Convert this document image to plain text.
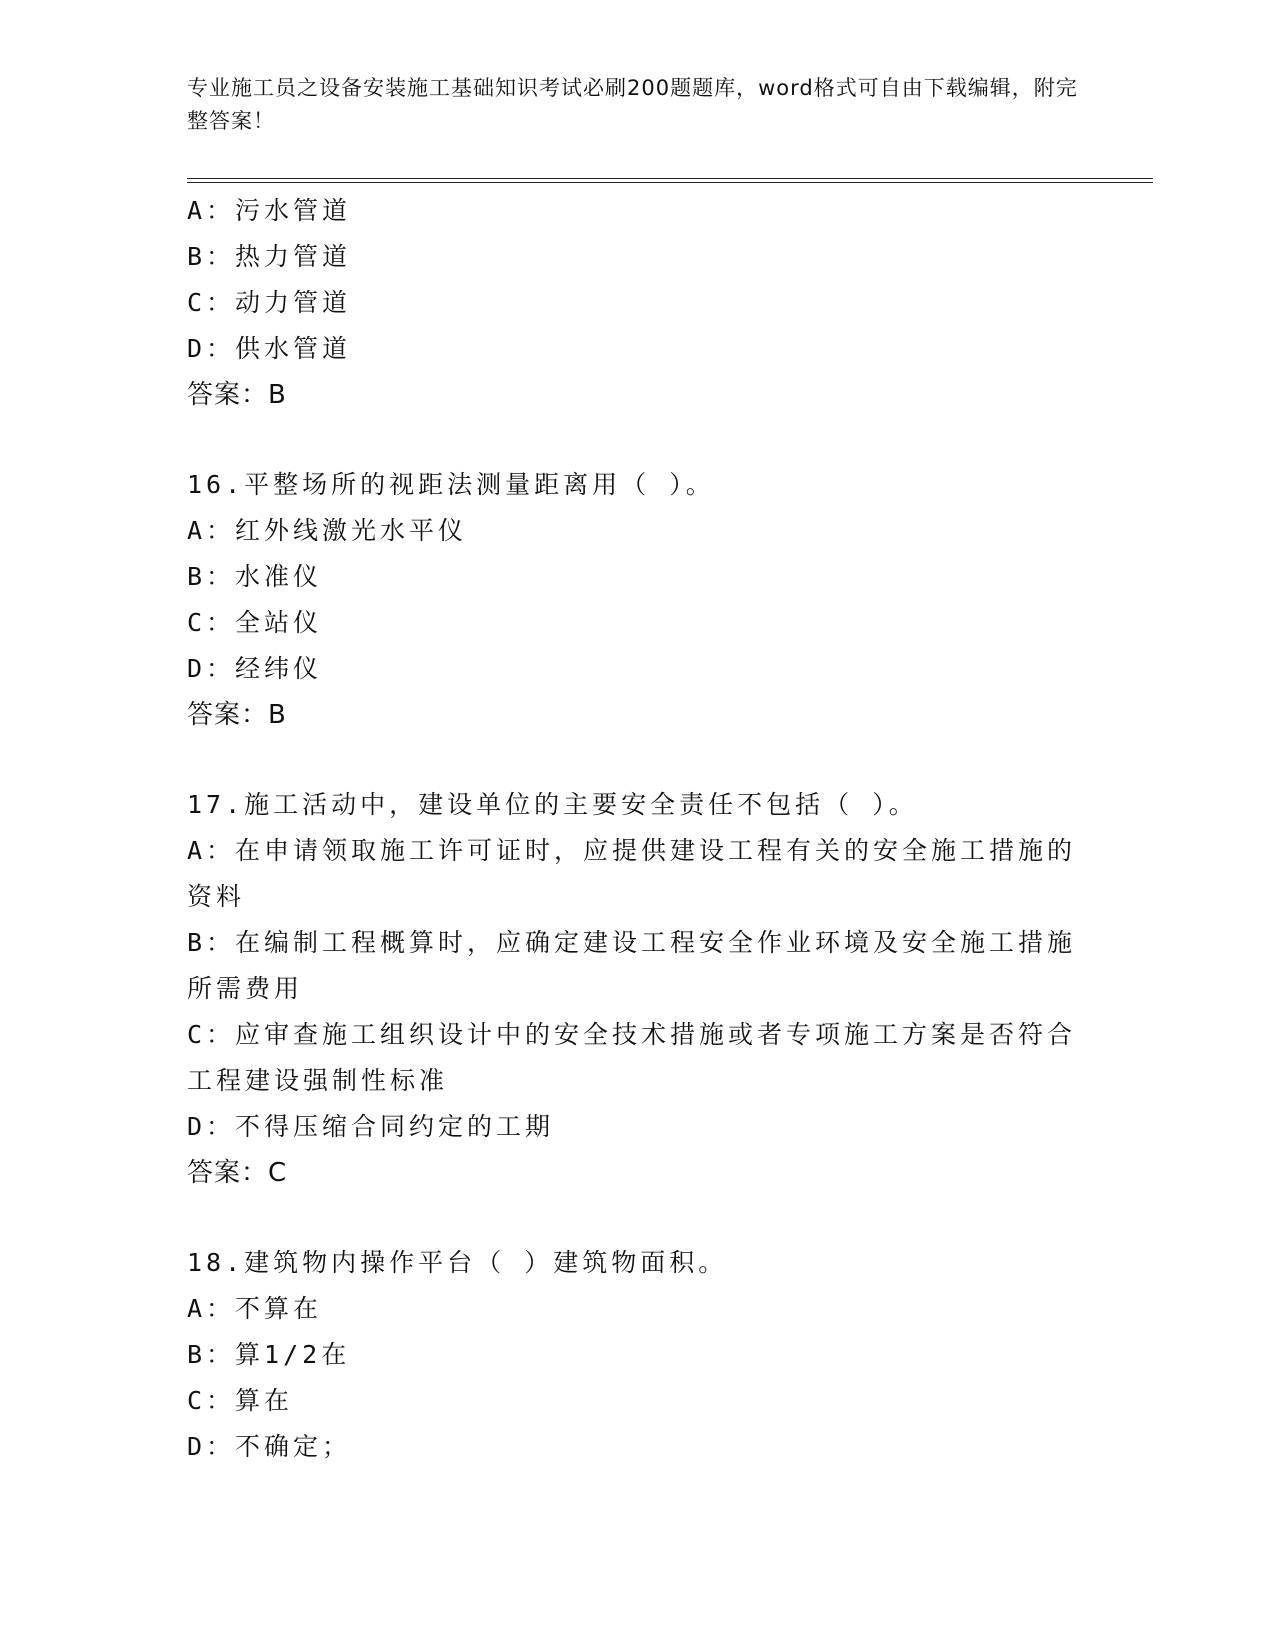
专业施工员之设备安装施工基础知识考试必刷200题题库，word格式可自由下载编辑，附完整答案！
A：污水管道
B：热力管道
C：动力管道
D：供水管道
答案：B
16.平整场所的视距法测量距离用（ ）。
A：红外线激光水平仪
B：水准仪
C：全站仪
D：经纬仪
答案：B
17.施工活动中，建设单位的主要安全责任不包括（ ）。
A：在申请领取施工许可证时，应提供建设工程有关的安全施工措施的资料
B：在编制工程概算时，应确定建设工程安全作业环境及安全施工措施所需费用
C：应审查施工组织设计中的安全技术措施或者专项施工方案是否符合工程建设强制性标准
D：不得压缩合同约定的工期
答案：C
18.建筑物内操作平台（ ）建筑物面积。
A：不算在
B：算1/2在
C：算在
D：不确定；
